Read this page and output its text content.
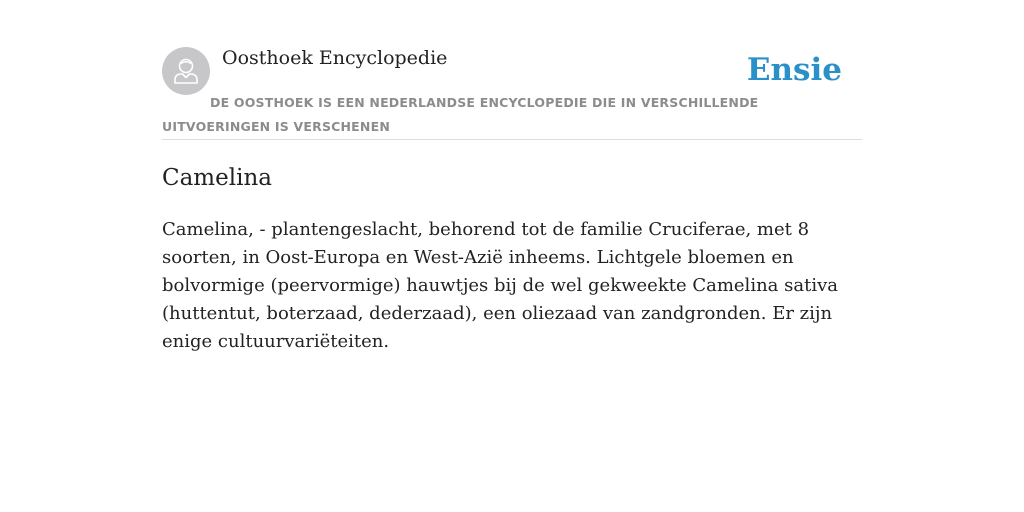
Oosthoek Encyclopedie	Ensie
DE OOSTHOEK IS EEN NEDERLANDSE ENCYCLOPEDIE DIE IN VERSCHILLENDE UITVOERINGEN IS VERSCHENEN
Camelina

Camelina, - plantengeslacht, behorend tot de familie Cruciferae, met 8 soorten, in Oost-Europa en West-Azië inheems. Lichtgele bloemen en bolvormige (peervormige) hauwtjes bij de wel gekweekte Camelina sativa (huttentut, boterzaad, dederzaad), een oliezaad van zandgronden. Er zijn enige cultuurvariëteiten.
